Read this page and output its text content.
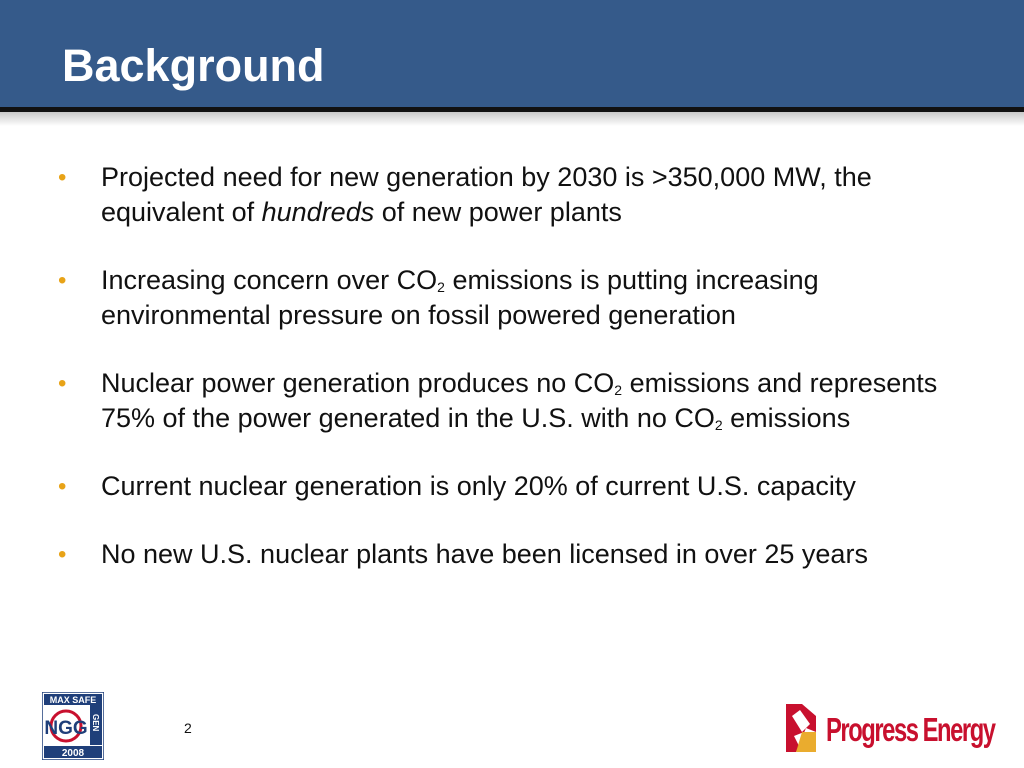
Background
• Projected need for new generation by 2030 is >350,000 MW, the equivalent of hundreds of new power plants
• Increasing concern over $CO_2$ emissions is putting increasing environmental pressure on fossil powered generation
• Nuclear power generation produces no $CO_2$ emissions and represents 75% of the power generated in the U.S. with no $CO_2$ emissions
• Current nuclear generation is only 20% of current U.S. capacity
• No new U.S. nuclear plants have been licensed in over 25 years
2
MAX SAFE
GEN
NGG
2008
Progress Energy
